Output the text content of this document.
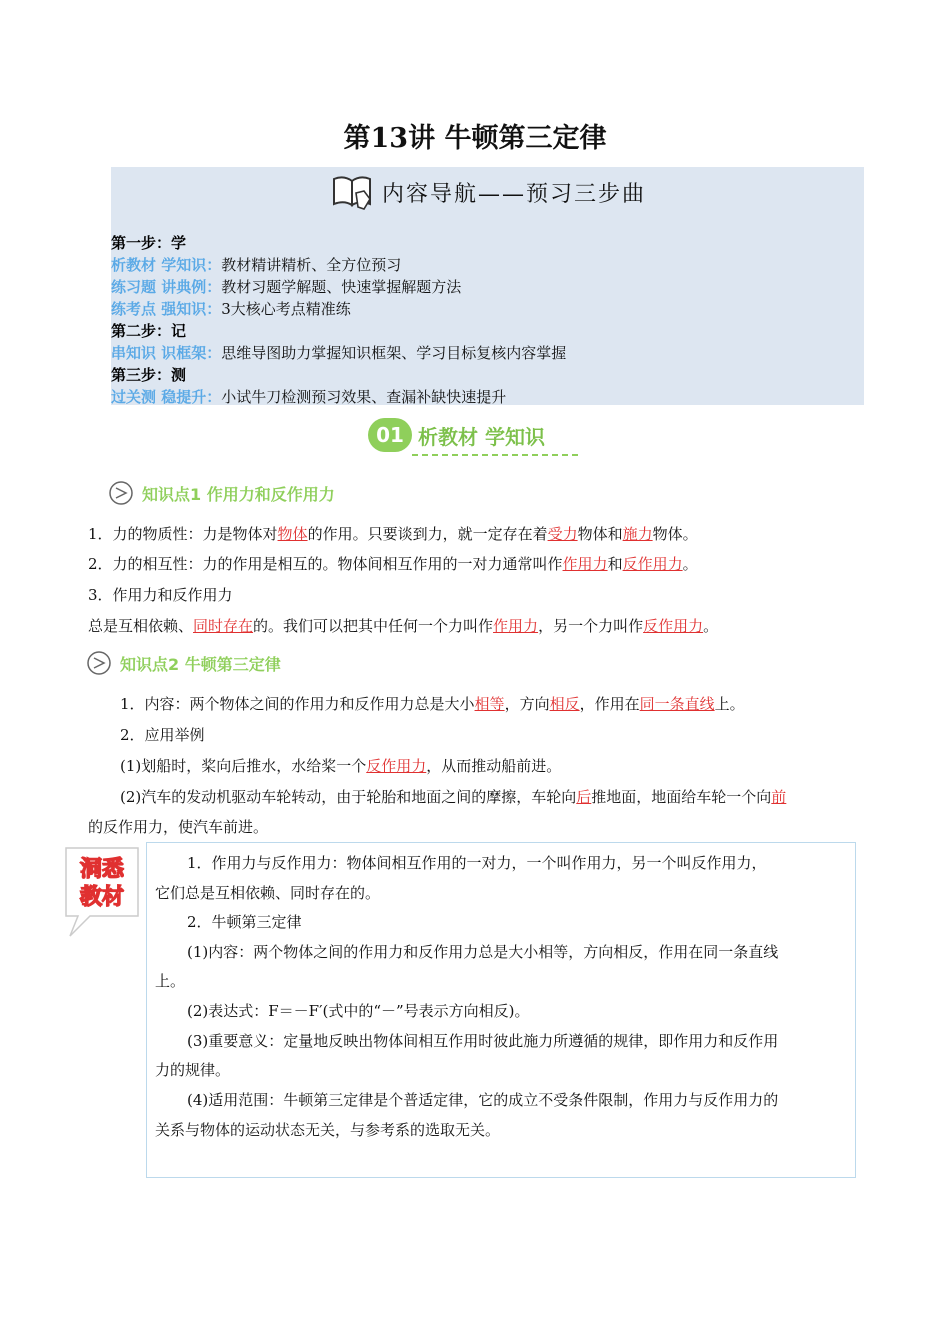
第13讲 牛顿第三定律
内容导航——预习三步曲
第一步：学
析教材 学知识：教材精讲精析、全方位预习
练习题 讲典例：教材习题学解题、快速掌握解题方法
练考点 强知识：3大核心考点精准练
第二步：记
串知识 识框架：思维导图助力掌握知识框架、学习目标复核内容掌握
第三步：测
过关测 稳提升：小试牛刀检测预习效果、查漏补缺快速提升
01 析教材 学知识
知识点1 作用力和反作用力
1．力的物质性：力是物体对物体的作用。只要谈到力，就一定存在着受力物体和施力物体。
2．力的相互性：力的作用是相互的。物体间相互作用的一对力通常叫作作用力和反作用力。
3．作用力和反作用力
总是互相依赖、同时存在的。我们可以把其中任何一个力叫作作用力，另一个力叫作反作用力。
知识点2 牛顿第三定律
1．内容：两个物体之间的作用力和反作用力总是大小相等，方向相反，作用在同一条直线上。
2．应用举例
(1)划船时，桨向后推水，水给桨一个反作用力，从而推动船前进。
(2)汽车的发动机驱动车轮转动，由于轮胎和地面之间的摩擦，车轮向后推地面，地面给车轮一个向前
的反作用力，使汽车前进。
洞悉
教材
1．作用力与反作用力：物体间相互作用的一对力，一个叫作用力，另一个叫反作用力，
它们总是互相依赖、同时存在的。
2．牛顿第三定律
(1)内容：两个物体之间的作用力和反作用力总是大小相等，方向相反，作用在同一条直线
上。
(2)表达式：F＝－F′(式中的“－”号表示方向相反)。
(3)重要意义：定量地反映出物体间相互作用时彼此施力所遵循的规律，即作用力和反作用
力的规律。
(4)适用范围：牛顿第三定律是个普适定律，它的成立不受条件限制，作用力与反作用力的
关系与物体的运动状态无关，与参考系的选取无关。
